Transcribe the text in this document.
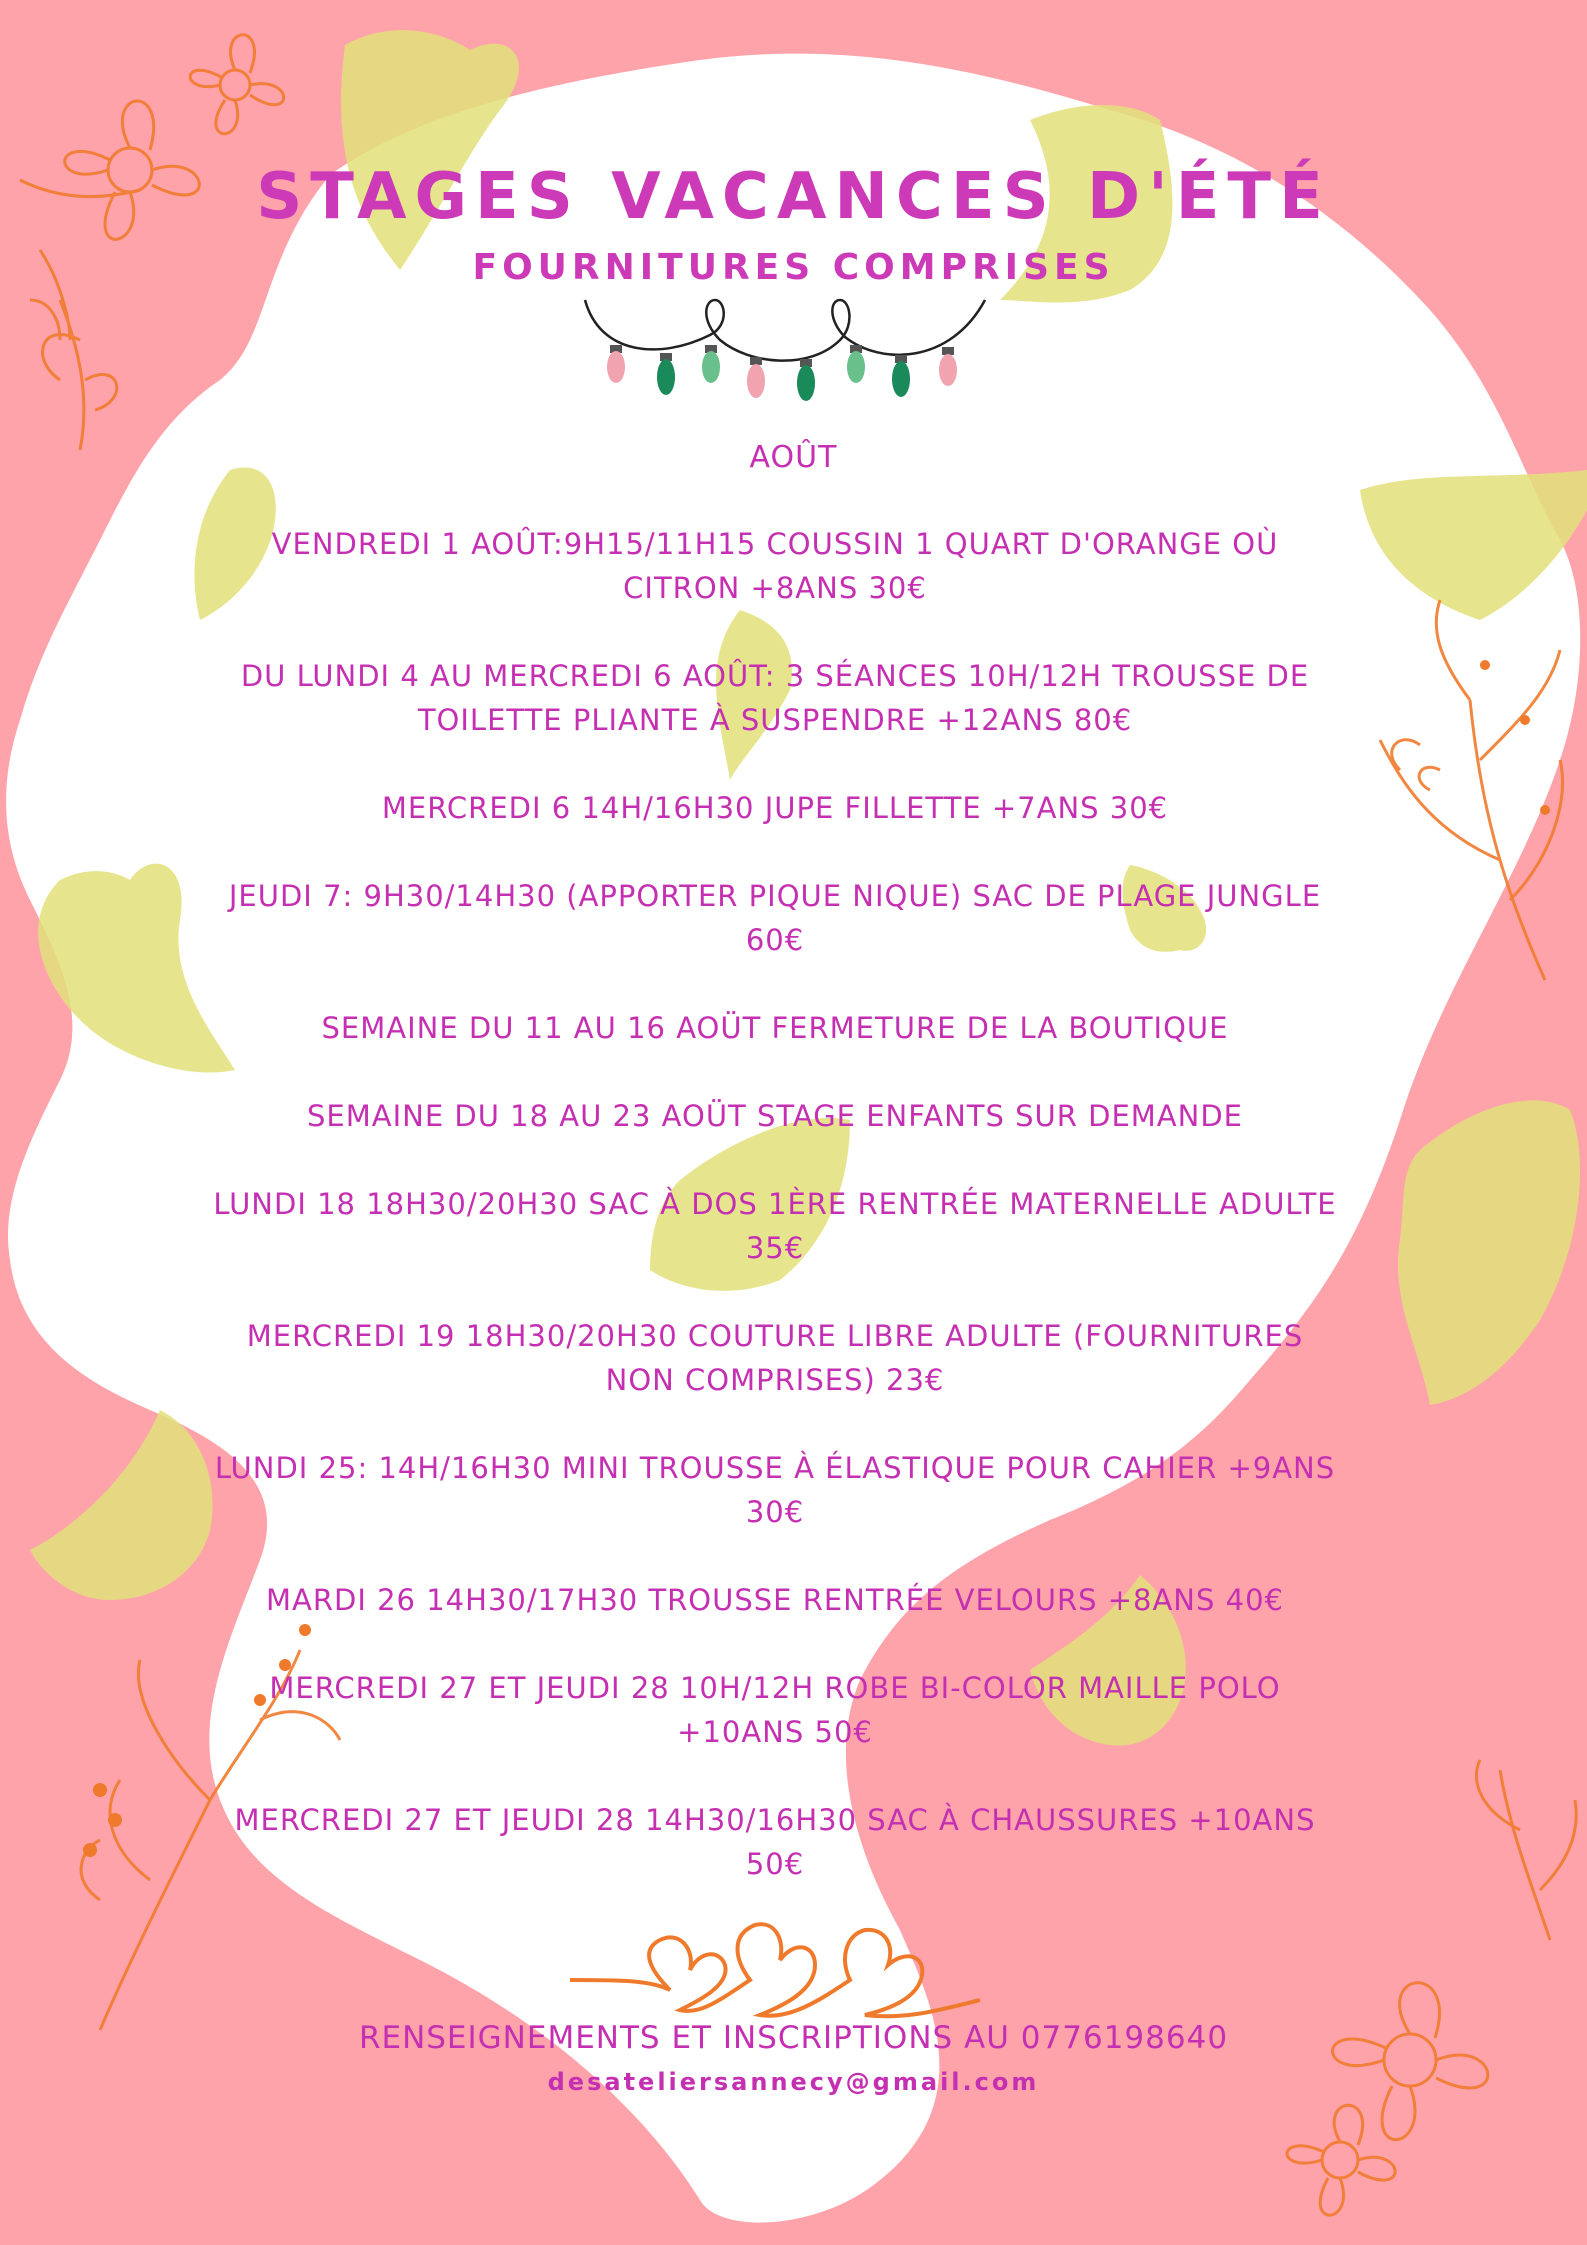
STAGES VACANCES D'ÉTÉ
FOURNITURES COMPRISES
AOÛT
VENDREDI 1 AOÛT:9H15/11H15 COUSSIN 1 QUART D'ORANGE OÙ CITRON +8ANS 30€
DU LUNDI 4 AU MERCREDI 6 AOÛT: 3 SÉANCES 10H/12H TROUSSE DE TOILETTE PLIANTE À SUSPENDRE +12ANS 80€
MERCREDI 6 14H/16H30 JUPE FILLETTE +7ANS 30€
JEUDI 7: 9H30/14H30 (APPORTER PIQUE NIQUE) SAC DE PLAGE JUNGLE 60€
SEMAINE DU 11 AU 16 AOÜT FERMETURE DE LA BOUTIQUE
SEMAINE DU 18 AU 23 AOÜT STAGE ENFANTS SUR DEMANDE
LUNDI 18 18H30/20H30 SAC À DOS 1ÈRE RENTRÉE MATERNELLE ADULTE 35€
MERCREDI 19 18H30/20H30 COUTURE LIBRE ADULTE (FOURNITURES NON COMPRISES) 23€
LUNDI 25: 14H/16H30 MINI TROUSSE À ÉLASTIQUE POUR CAHIER +9ANS 30€
MARDI 26 14H30/17H30 TROUSSE RENTRÉE VELOURS +8ANS 40€
MERCREDI 27 ET JEUDI 28 10H/12H ROBE BI-COLOR MAILLE POLO +10ANS 50€
MERCREDI 27 ET JEUDI 28 14H30/16H30 SAC À CHAUSSURES +10ANS 50€
RENSEIGNEMENTS ET INSCRIPTIONS AU 0776198640
desateliersannecy@gmail.com
